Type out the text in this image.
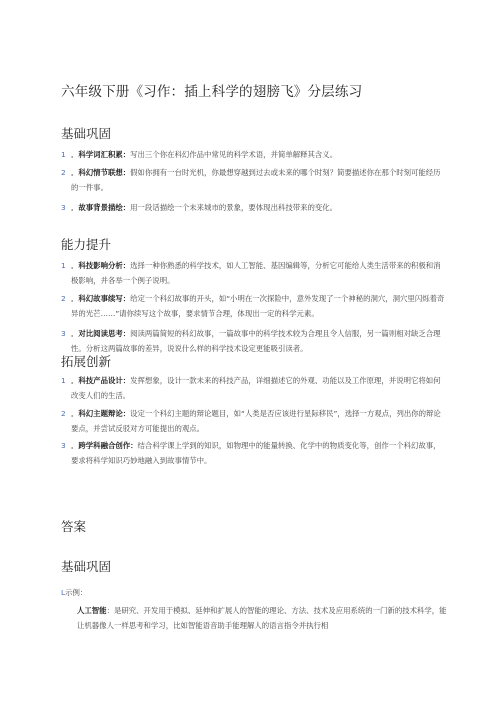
六年级下册《习作：插上科学的翅膀飞》分层练习
基础巩固
1 ．科学词汇积累：写出三个你在科幻作品中常见的科学术语，并简单解释其含义。
2 ．科幻情节联想：假如你拥有一台时光机，你最想穿越到过去或未来的哪个时刻？简要描述你在那个时刻可能经历的一件事。
3 ．故事背景描绘：用一段话描绘一个未来城市的景象，要体现出科技带来的变化。
能力提升
1 ．科技影响分析：选择一种你熟悉的科学技术，如人工智能、基因编辑等，分析它可能给人类生活带来的积极和消极影响，并各举一个例子说明。
2 ．科幻故事续写：给定一个科幻故事的开头，如“小明在一次探险中，意外发现了一个神秘的洞穴，洞穴里闪烁着奇异的光芒……”请你续写这个故事，要求情节合理，体现出一定的科学元素。
3 ．对比阅读思考：阅读两篇简短的科幻故事，一篇故事中的科学技术较为合理且令人信服，另一篇则相对缺乏合理性。分析这两篇故事的差异，说说什么样的科学技术设定更能吸引读者。
拓展创新
1 ．科技产品设计：发挥想象，设计一款未来的科技产品，详细描述它的外观、功能以及工作原理，并说明它将如何改变人们的生活。
2 ．科幻主题辩论：设定一个科幻主题的辩论题目，如“人类是否应该进行星际移民”，选择一方观点，列出你的辩论要点，并尝试反驳对方可能提出的观点。
3 ．跨学科融合创作：结合科学课上学到的知识，如物理中的能量转换、化学中的物质变化等，创作一个科幻故事，要求将科学知识巧妙地融入到故事情节中。
答案
基础巩固
L示例：
人工智能：是研究、开发用于模拟、延伸和扩展人的智能的理论、方法、技术及应用系统的一门新的技术科学，能让机器像人一样思考和学习，比如智能语音助手能理解人的语言指令并执行相
